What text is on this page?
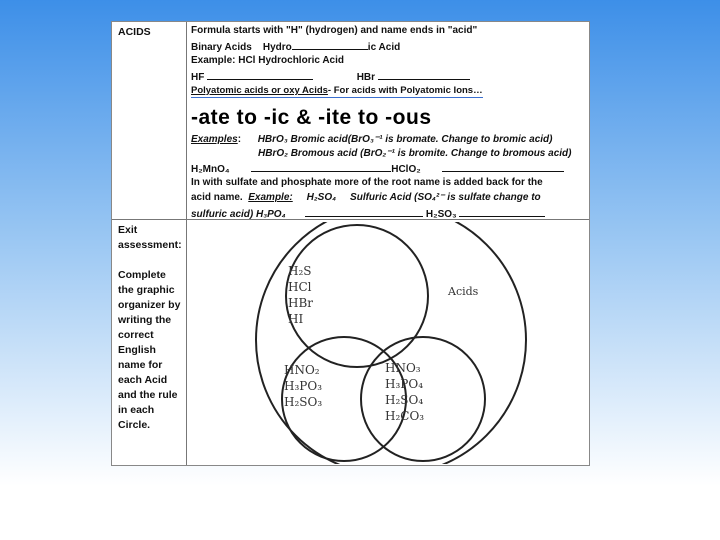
ACIDS
Exit assessment:
Complete the graphic organizer by writing the correct English name for each Acid and the rule in each Circle.
Formula starts with "H" (hydrogen) and name ends in "acid"
Binary Acids Hydro	ic Acid
Example: HCl Hydrochloric Acid
HF	HBr
Polyatomic acids or oxy Acids- For acids with Polyatomic Ions…
-ate to -ic & -ite to -ous
Examples:      HBrO₃ Bromic acid(BrO₃⁻¹ is bromate. Change to bromic acid)
HBrO₂ Bromous acid (BrO₂⁻¹ is bromite. Change to bromous acid)
H₂MnO₄	HClO₂
In with sulfate and phosphate more of the root name is added back for the
acid name. Example: H₂SO₄ Sulfuric Acid (SO₄²⁻ is sulfate change to
sulfuric acid) H₃PO₄	H₂SO₃
Acids
H₂S
HCl
HBr
HI
HNO₂
H₃PO₃
H₂SO₃
HNO₃
H₃PO₄
H₂SO₄
H₂CO₃
